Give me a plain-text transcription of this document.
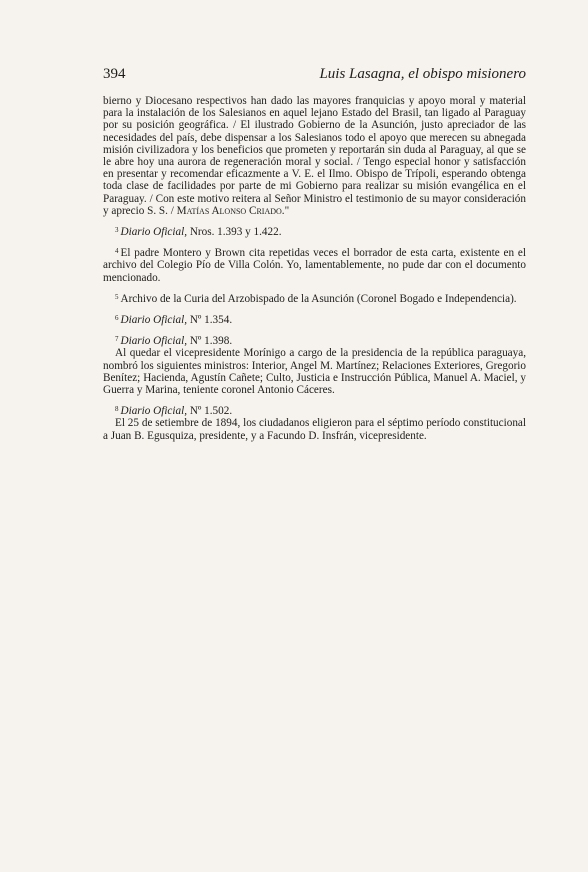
394	Luis Lasagna, el obispo misionero

bierno y Diocesano respectivos han dado las mayores franquicias y apoyo moral y material para la instalación de los Salesianos en aquel lejano Estado del Brasil, tan ligado al Paraguay por su posición geográfica. / El ilustrado Gobierno de la Asunción, justo apreciador de las necesidades del país, debe dispensar a los Salesianos todo el apoyo que merecen su abnegada misión civilizadora y los beneficios que prometen y reportarán sin duda al Paraguay, al que se le abre hoy una aurora de regeneración moral y social. / Tengo especial honor y satisfacción en presentar y recomendar eficazmente a V. E. el Ilmo. Obispo de Trípoli, esperando obtenga toda clase de facilidades por parte de mi Gobierno para realizar su misión evangélica en el Paraguay. / Con este motivo reitera al Señor Ministro el testimonio de su mayor consideración y aprecio S. S. / Matías Alonso Criado."

$^3$ Diario Oficial, Nros. 1.393 y 1.422.

$^4$ El padre Montero y Brown cita repetidas veces el borrador de esta carta, existente en el archivo del Colegio Pío de Villa Colón. Yo, lamentablemente, no pude dar con el documento mencionado.

$^5$ Archivo de la Curia del Arzobispado de la Asunción (Coronel Bogado e Independencia).

$^6$ Diario Oficial, Nº 1.354.

$^7$ Diario Oficial, Nº 1.398.

Al quedar el vicepresidente Morínigo a cargo de la presidencia de la república paraguaya, nombró los siguientes ministros: Interior, Angel M. Martínez; Relaciones Exteriores, Gregorio Benítez; Hacienda, Agustín Cañete; Culto, Justicia e Instrucción Pública, Manuel A. Maciel, y Guerra y Marina, teniente coronel Antonio Cáceres.

$^8$ Diario Oficial, Nº 1.502.

El 25 de setiembre de 1894, los ciudadanos eligieron para el séptimo período constitucional a Juan B. Egusquiza, presidente, y a Facundo D. Insfrán, vicepresidente.
